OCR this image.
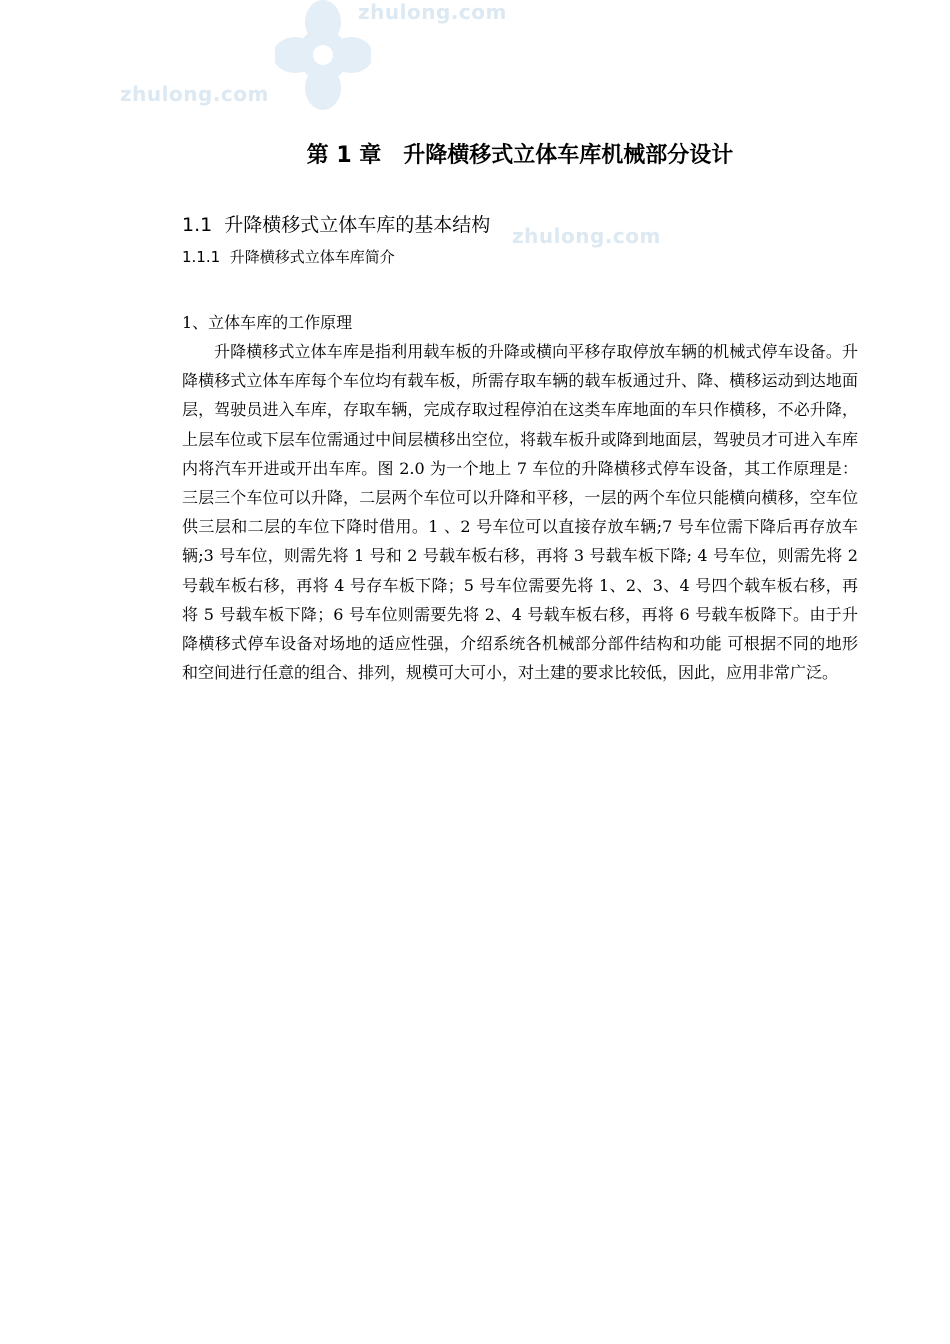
zhulong.com
zhulong.com
zhulong.com
第 1 章　升降横移式立体车库机械部分设计
1.1  升降横移式立体车库的基本结构
1.1.1  升降横移式立体车库简介
1、立体车库的工作原理

升降横移式立体车库是指利用载车板的升降或横向平移存取停放车辆的机械式停车设备。升降横移式立体车库每个车位均有载车板，所需存取车辆的载车板通过升、降、横移运动到达地面层，驾驶员进入车库，存取车辆，完成存取过程停泊在这类车库地面的车只作横移，不必升降，上层车位或下层车位需通过中间层横移出空位，将载车板升或降到地面层，驾驶员才可进入车库内将汽车开进或开出车库。图 2.0 为一个地上 7 车位的升降横移式停车设备，其工作原理是：三层三个车位可以升降，二层两个车位可以升降和平移，一层的两个车位只能横向横移，空车位供三层和二层的车位下降时借用。1 、2 号车位可以直接存放车辆;7 号车位需下降后再存放车辆;3 号车位，则需先将 1 号和 2 号载车板右移，再将 3 号载车板下降; 4 号车位，则需先将 2 号载车板右移，再将 4 号存车板下降；5 号车位需要先将 1、2、3、4 号四个载车板右移，再将 5 号载车板下降；6 号车位则需要先将 2、4 号载车板右移，再将 6 号载车板降下。由于升降横移式停车设备对场地的适应性强，介绍系统各机械部分部件结构和功能 可根据不同的地形和空间进行任意的组合、排列，规模可大可小，对土建的要求比较低，因此，应用非常广泛。
